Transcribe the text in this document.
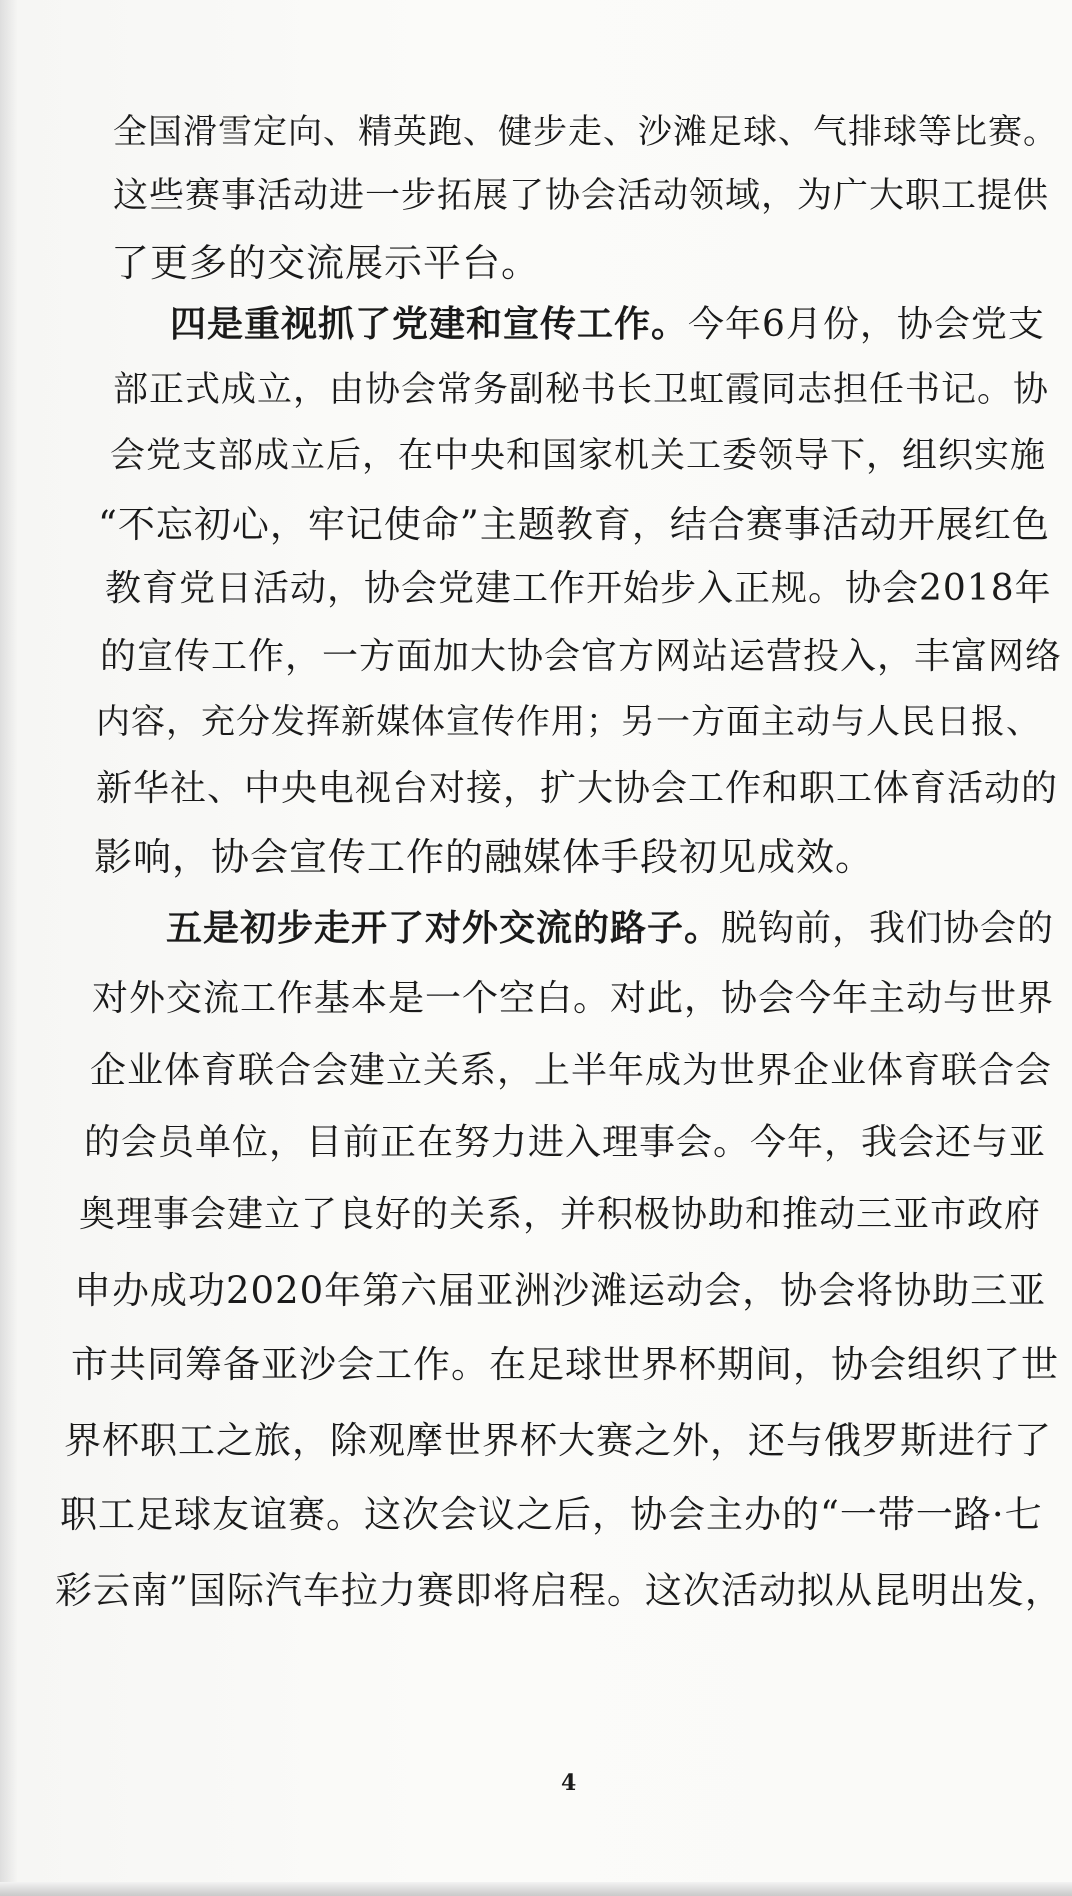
全国滑雪定向、精英跑、健步走、沙滩足球、气排球等比赛。
这些赛事活动进一步拓展了协会活动领域，为广大职工提供
了更多的交流展示平台。
四是重视抓了党建和宣传工作。今年6月份，协会党支
部正式成立，由协会常务副秘书长卫虹霞同志担任书记。协
会党支部成立后，在中央和国家机关工委领导下，组织实施
“不忘初心，牢记使命”主题教育，结合赛事活动开展红色
教育党日活动，协会党建工作开始步入正规。协会2018年
的宣传工作，一方面加大协会官方网站运营投入，丰富网络
内容，充分发挥新媒体宣传作用；另一方面主动与人民日报、
新华社、中央电视台对接，扩大协会工作和职工体育活动的
影响，协会宣传工作的融媒体手段初见成效。
五是初步走开了对外交流的路子。脱钩前，我们协会的
对外交流工作基本是一个空白。对此，协会今年主动与世界
企业体育联合会建立关系，上半年成为世界企业体育联合会
的会员单位，目前正在努力进入理事会。今年，我会还与亚
奥理事会建立了良好的关系，并积极协助和推动三亚市政府
申办成功2020年第六届亚洲沙滩运动会，协会将协助三亚
市共同筹备亚沙会工作。在足球世界杯期间，协会组织了世
界杯职工之旅，除观摩世界杯大赛之外，还与俄罗斯进行了
职工足球友谊赛。这次会议之后，协会主办的“一带一路·七
彩云南”国际汽车拉力赛即将启程。这次活动拟从昆明出发，
4
